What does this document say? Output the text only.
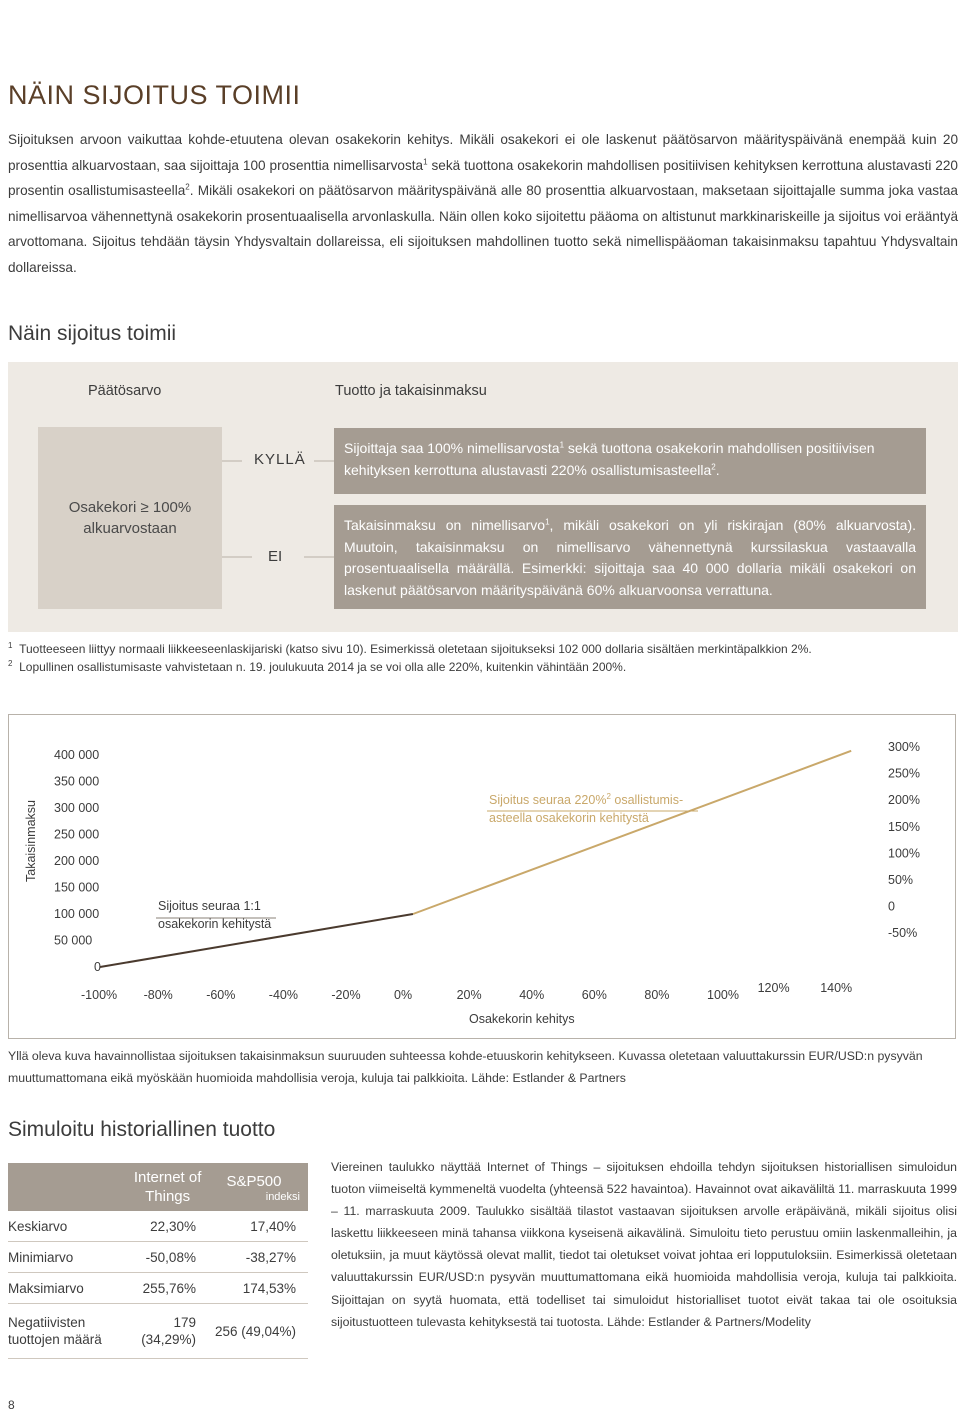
NÄIN SIJOITUS TOIMII
Sijoituksen arvoon vaikuttaa kohde-etuutena olevan osakekorin kehitys. Mikäli osakekori ei ole laskenut päätösarvon määrityspäivänä enempää kuin 20 prosenttia alkuarvostaan, saa sijoittaja 100 prosenttia nimellisarvosta$^1$ sekä tuottona osakekorin mahdollisen positiivisen kehityksen kerrottuna alustavasti 220 prosentin osallistumisasteella$^2$. Mikäli osakekori on päätösarvon määrityspäivänä alle 80 prosenttia alkuarvostaan, maksetaan sijoittajalle summa joka vastaa nimellisarvoa vähennettynä osakekorin prosentuaalisella arvonlaskulla. Näin ollen koko sijoitettu pääoma on altistunut markkinariskeille ja sijoitus voi erääntyä arvottomana. Sijoitus tehdään täysin Yhdysvaltain dollareissa, eli sijoituksen mahdollinen tuotto sekä nimellispääoman takaisinmaksu tapahtuu Yhdysvaltain dollareissa.
Näin sijoitus toimii
Päätösarvo	Tuotto ja takaisinmaksu
Osakekori ≥ 100%
alkuarvostaan
KYLLÄ
EI
Sijoittaja saa 100% nimellisarvosta$^1$ sekä tuottona osakekorin mahdollisen positiivisen kehityksen kerrottuna alustavasti 220% osallistumisasteella$^2$.
Takaisinmaksu on nimellisarvo$^1$, mikäli osakekori on yli riskirajan (80% alkuarvosta). Muutoin, takaisinmaksu on nimellisarvo vähennettynä kurssilaskua vastaavalla prosentuaalisella määrällä. Esimerkki: sijoittaja saa 40 000 dollaria mikäli osakekori on laskenut päätösarvon määrityspäivänä 60% alkuarvoonsa verrattuna.
$^1$ Tuotteeseen liittyy normaali liikkeeseenlaskijariski (katso sivu 10). Esimerkissä oletetaan sijoitukseksi 102 000 dollaria sisältäen merkintäpalkkion 2%.
$^2$ Lopullinen osallistumisaste vahvistetaan n. 19. joulukuuta 2014 ja se voi olla alle 220%, kuitenkin vähintään 200%.
-100% -80%	-60%	-40%	-20%	0%	20%	40%	60%	80%	100% 120% 140%
400 000
350 000
300 000
250 000
200 000
150 000
100 000
50 000
0
300%
250%
200%
150%
100%
50%
0
-50%
Osakekorin kehitys
Takaisinmaksu
Sijoitus seuraa 1:1
osakekorin kehitystä
Sijoitus seuraa 220%$^2$ osallistumis-
asteella osakekorin kehitystä
Yllä oleva kuva havainnollistaa sijoituksen takaisinmaksun suuruuden suhteessa kohde-etuuskorin kehitykseen. Kuvassa oletetaan valuuttakurssin EUR/USD:n pysyvän muuttumattomana eikä myöskään huomioida mahdollisia veroja, kuluja tai palkkioita. Lähde: Estlander & Partners
Simuloitu historiallinen tuotto

	Internet of Things	S&P500
indeksi

Keskiarvo	22,30%	17,40%
Minimiarvo	-50,08%	-38,27%
Maksimiarvo	255,76%	174,53%
Negatiivisten tuottojen määrä	179 (34,29%)	256 (49,04%)
Viereinen taulukko näyttää Internet of Things – sijoituksen ehdoilla tehdyn sijoituksen historiallisen simuloidun tuoton viimeiseltä kymmeneltä vuodelta (yhteensä 522 havaintoa). Havainnot ovat aikaväliltä 11. marraskuuta 1999 – 11. marraskuuta 2009. Taulukko sisältää tilastot vastaavan sijoituksen arvolle eräpäivänä, mikäli sijoitus olisi laskettu liikkeeseen minä tahansa viikkona kyseisenä aikavälinä. Simuloitu tieto perustuu omiin laskenmalleihin, ja oletuksiin, ja muut käytössä olevat mallit, tiedot tai oletukset voivat johtaa eri lopputuloksiin. Esimerkissä oletetaan valuuttakurssin EUR/USD:n pysyvän muuttumattomana eikä huomioida mahdollisia veroja, kuluja tai palkkioita. Sijoittajan on syytä huomata, että todelliset tai simuloidut historialliset tuotot eivät takaa tai ole osoituksia sijoitustuotteen tulevasta kehityksestä tai tuotosta. Lähde: Estlander & Partners/Modelity
8
